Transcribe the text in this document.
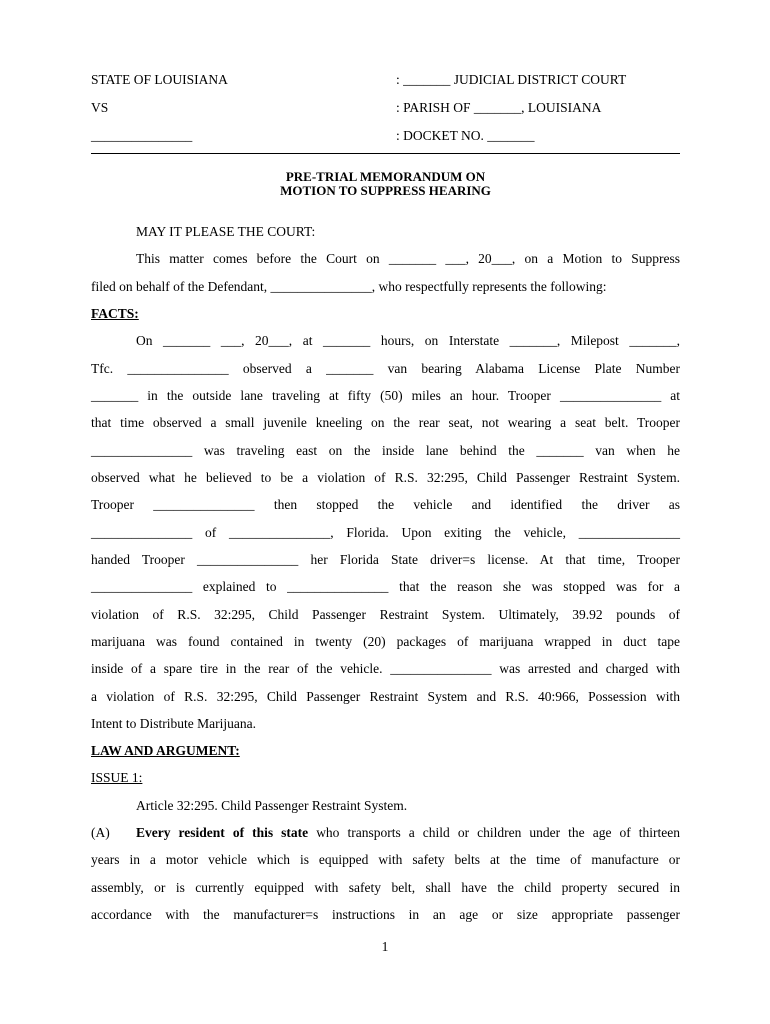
STATE OF LOUISIANA
VS
_______________
: _______ JUDICIAL DISTRICT COURT
: PARISH OF _______, LOUISIANA
: DOCKET NO. _______
PRE-TRIAL MEMORANDUM ON
MOTION TO SUPPRESS HEARING
MAY IT PLEASE THE COURT:
This matter comes before the Court on _______ ___, 20___, on a Motion to Suppress
filed on behalf of the Defendant, _______________, who respectfully represents the following:
FACTS:
On _______ ___, 20___, at _______ hours, on Interstate _______, Milepost _______,
Tfc. _______________ observed a _______ van bearing Alabama License Plate Number
_______ in the outside lane traveling at fifty (50) miles an hour. Trooper _______________ at
that time observed a small juvenile kneeling on the rear seat, not wearing a seat belt. Trooper
_______________ was traveling east on the inside lane behind the _______ van when he
observed what he believed to be a violation of R.S. 32:295, Child Passenger Restraint System.
Trooper _______________ then stopped the vehicle and identified the driver as
_______________ of _______________, Florida. Upon exiting the vehicle, _______________
handed Trooper _______________ her Florida State driver=s license. At that time, Trooper
_______________ explained to _______________ that the reason she was stopped was for a
violation of R.S. 32:295, Child Passenger Restraint System. Ultimately, 39.92 pounds of
marijuana was found contained in twenty (20) packages of marijuana wrapped in duct tape
inside of a spare tire in the rear of the vehicle. _______________ was arrested and charged with
a violation of R.S. 32:295, Child Passenger Restraint System and R.S. 40:966, Possession with
Intent to Distribute Marijuana.
LAW AND ARGUMENT:
ISSUE 1:
Article 32:295. Child Passenger Restraint System.
(A) Every resident of this state who transports a child or children under the age of thirteen
years in a motor vehicle which is equipped with safety belts at the time of manufacture or
assembly, or is currently equipped with safety belt, shall have the child property secured in
accordance with the manufacturer=s instructions in an age or size appropriate passenger
1
